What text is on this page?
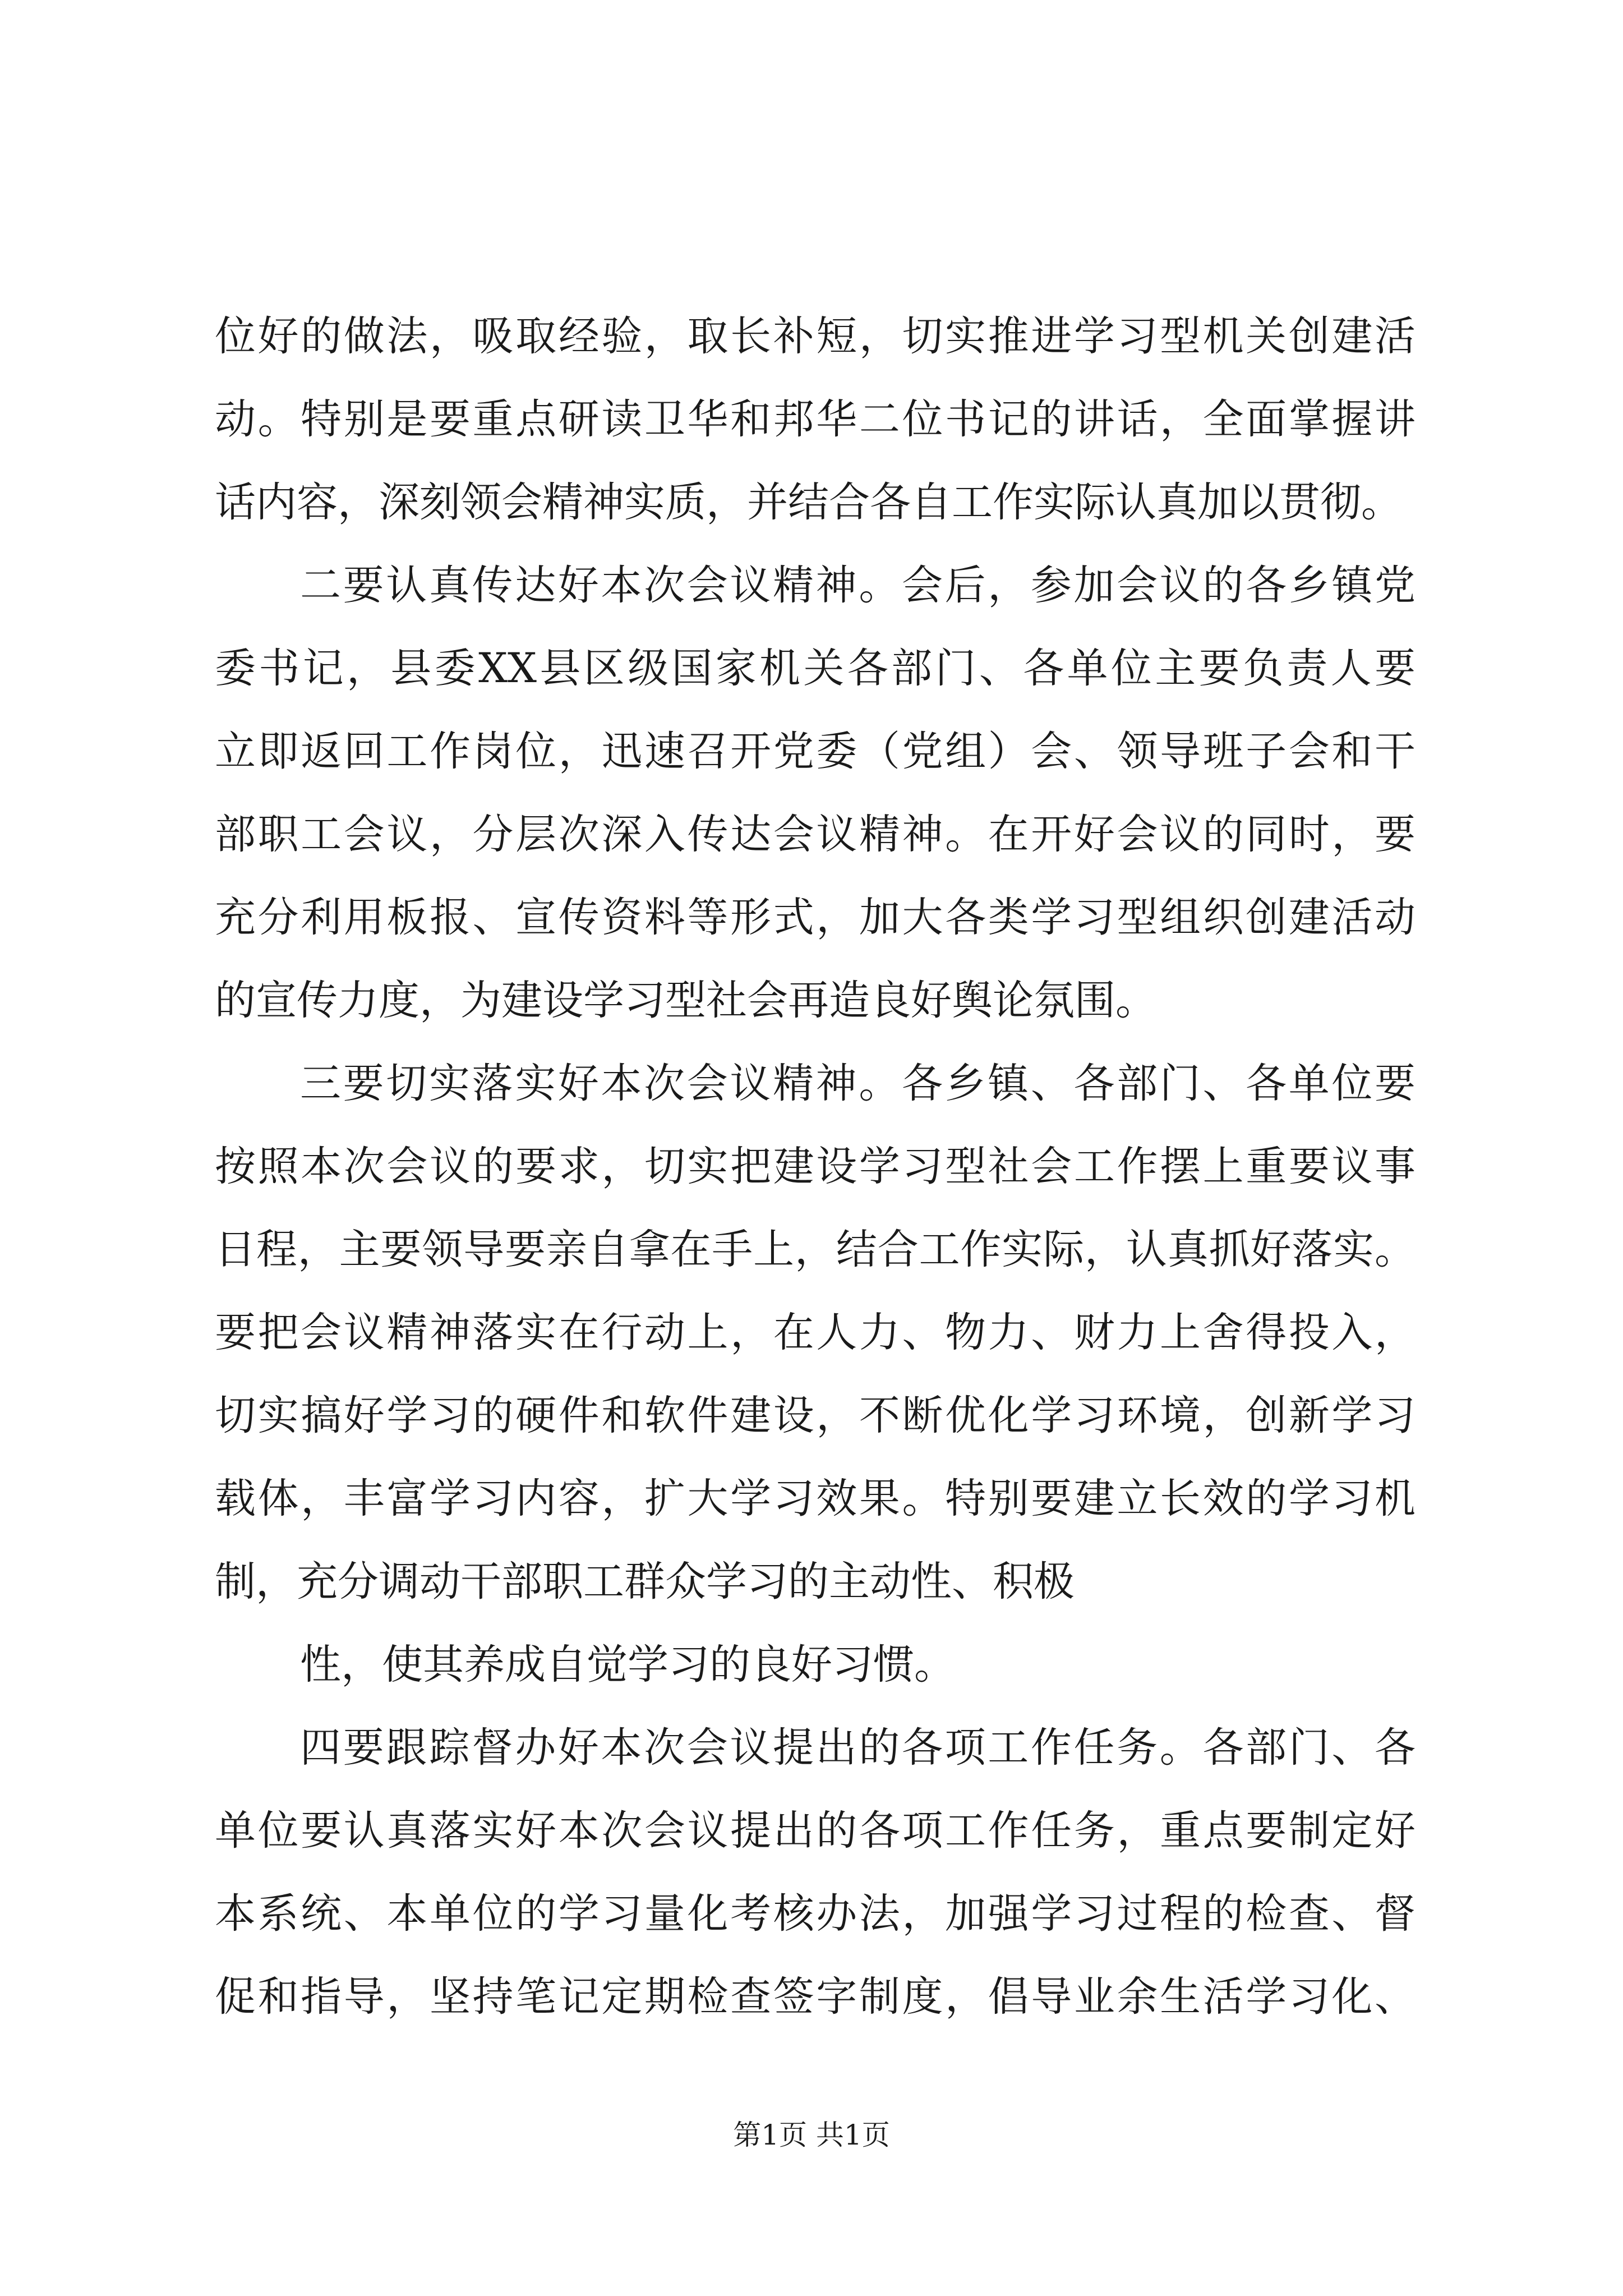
位好的做法，吸取经验，取长补短，切实推进学习型机关创建活
动。特别是要重点研读卫华和邦华二位书记的讲话，全面掌握讲
话内容，深刻领会精神实质，并结合各自工作实际认真加以贯彻。
二要认真传达好本次会议精神。会后，参加会议的各乡镇党
委书记，县委XX县区级国家机关各部门、各单位主要负责人要
立即返回工作岗位，迅速召开党委（党组）会、领导班子会和干
部职工会议，分层次深入传达会议精神。在开好会议的同时，要
充分利用板报、宣传资料等形式，加大各类学习型组织创建活动
的宣传力度，为建设学习型社会再造良好舆论氛围。
三要切实落实好本次会议精神。各乡镇、各部门、各单位要
按照本次会议的要求，切实把建设学习型社会工作摆上重要议事
日程，主要领导要亲自拿在手上，结合工作实际，认真抓好落实。
要把会议精神落实在行动上，在人力、物力、财力上舍得投入，
切实搞好学习的硬件和软件建设，不断优化学习环境，创新学习
载体，丰富学习内容，扩大学习效果。特别要建立长效的学习机
制，充分调动干部职工群众学习的主动性、积极
性，使其养成自觉学习的良好习惯。
四要跟踪督办好本次会议提出的各项工作任务。各部门、各
单位要认真落实好本次会议提出的各项工作任务，重点要制定好
本系统、本单位的学习量化考核办法，加强学习过程的检查、督
促和指导，坚持笔记定期检查签字制度，倡导业余生活学习化、
第1页 共1页
